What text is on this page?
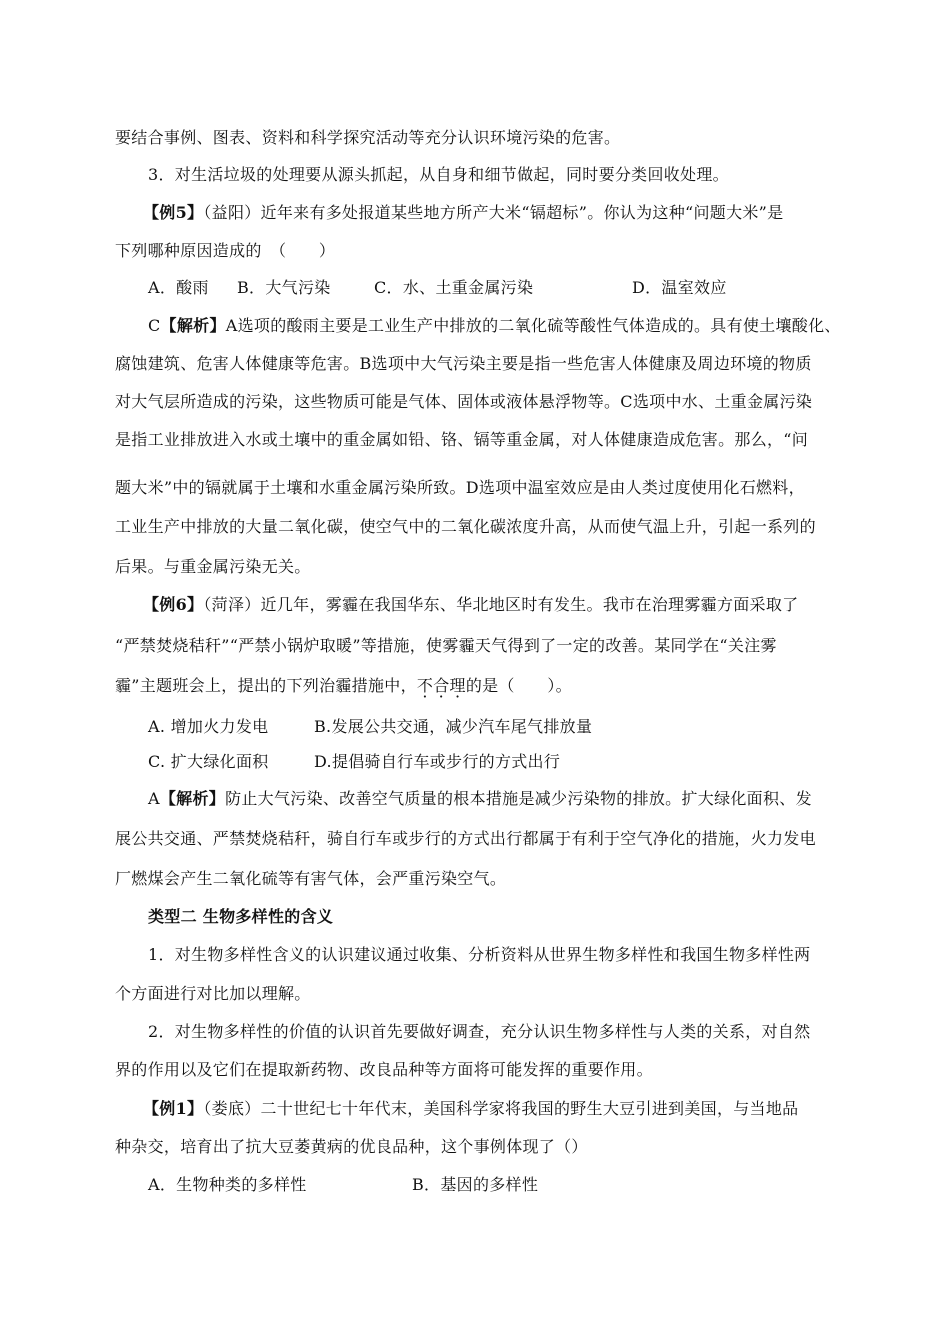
要结合事例、图表、资料和科学探究活动等充分认识环境污染的危害。
3．对生活垃圾的处理要从源头抓起，从自身和细节做起，同时要分类回收处理。
【例5】（益阳）近年来有多处报道某些地方所产大米“镉超标”。你认为这种“问题大米”是
下列哪种原因造成的　（　　）
A．酸雨 B．大气污染	C．水、土重金属污染	D．温室效应
C【解析】A选项的酸雨主要是工业生产中排放的二氧化硫等酸性气体造成的。具有使土壤酸化、
腐蚀建筑、危害人体健康等危害。B选项中大气污染主要是指一些危害人体健康及周边环境的物质
对大气层所造成的污染，这些物质可能是气体、固体或液体悬浮物等。C选项中水、土重金属污染
是指工业排放进入水或土壤中的重金属如铅、铬、镉等重金属，对人体健康造成危害。那么，“问
题大米”中的镉就属于土壤和水重金属污染所致。D选项中温室效应是由人类过度使用化石燃料，
工业生产中排放的大量二氧化碳，使空气中的二氧化碳浓度升高，从而使气温上升，引起一系列的
后果。与重金属污染无关。
【例6】（菏泽）近几年，雾霾在我国华东、华北地区时有发生。我市在治理雾霾方面采取了
“严禁焚烧秸秆”“严禁小锅炉取暖”等措施，使雾霾天气得到了一定的改善。某同学在“关注雾
霾”主题班会上，提出的下列治霾措施中，不合理的是（　　）。
A. 增加火力发电	B.发展公共交通，减少汽车尾气排放量
C. 扩大绿化面积	D.提倡骑自行车或步行的方式出行
A【解析】防止大气污染、改善空气质量的根本措施是减少污染物的排放。扩大绿化面积、发
展公共交通、严禁焚烧秸秆，骑自行车或步行的方式出行都属于有利于空气净化的措施，火力发电
厂燃煤会产生二氧化硫等有害气体，会严重污染空气。
类型二 生物多样性的含义
1．对生物多样性含义的认识建议通过收集、分析资料从世界生物多样性和我国生物多样性两
个方面进行对比加以理解。
2．对生物多样性的价值的认识首先要做好调查，充分认识生物多样性与人类的关系，对自然
界的作用以及它们在提取新药物、改良品种等方面将可能发挥的重要作用。
【例1】（娄底）二十世纪七十年代末，美国科学家将我国的野生大豆引进到美国，与当地品
种杂交，培育出了抗大豆萎黄病的优良品种，这个事例体现了（）
A．生物种类的多样性	B．基因的多样性
